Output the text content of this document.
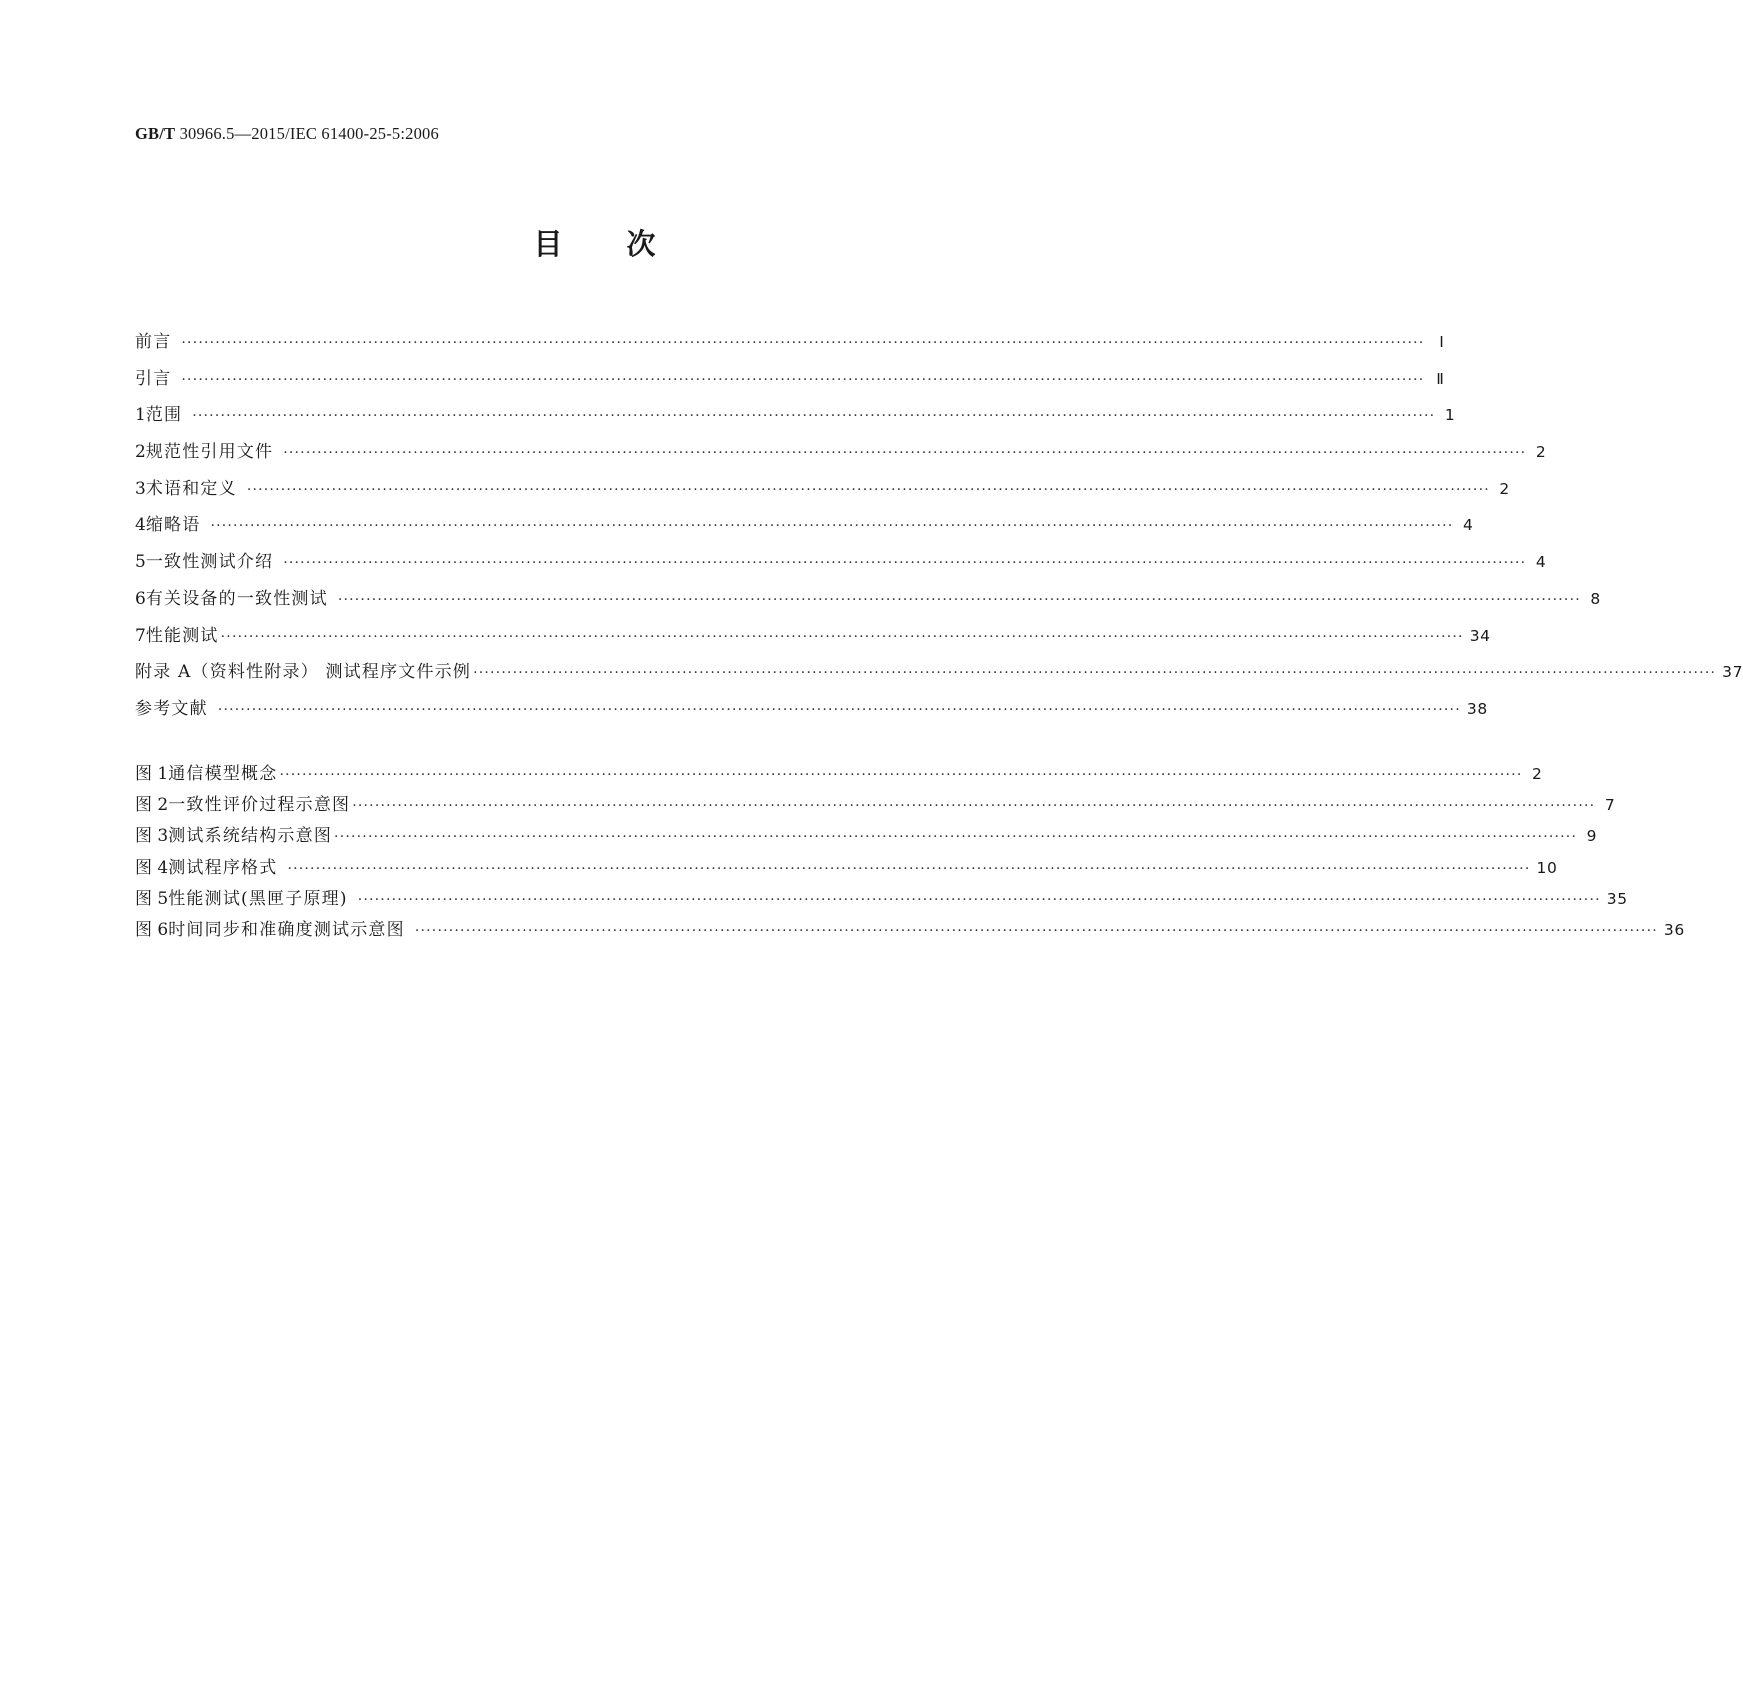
GB/T 30966.5—2015/IEC 61400-25-5:2006
目 次
前言 ···························································································································································································································· Ⅰ
引言 ···························································································································································································································· Ⅱ
1 范围 ···························································································································································································································· 1
2 规范性引用文件 ···························································································································································································································· 2
3 术语和定义 ···························································································································································································································· 2
4 缩略语 ···························································································································································································································· 4
5 一致性测试介绍 ···························································································································································································································· 4
6 有关设备的一致性测试 ···························································································································································································································· 8
7 性能测试 ···························································································································································································································· 34
附录 A（资料性附录） 测试程序文件示例 ···························································································································································································································· 37
参考文献 ···························································································································································································································· 38
图 1 通信模型概念 ···························································································································································································································· 2
图 2 一致性评价过程示意图 ···························································································································································································································· 7
图 3 测试系统结构示意图 ···························································································································································································································· 9
图 4 测试程序格式 ···························································································································································································································· 10
图 5 性能测试(黑匣子原理) ···························································································································································································································· 35
图 6 时间同步和准确度测试示意图 ···························································································································································································································· 36
